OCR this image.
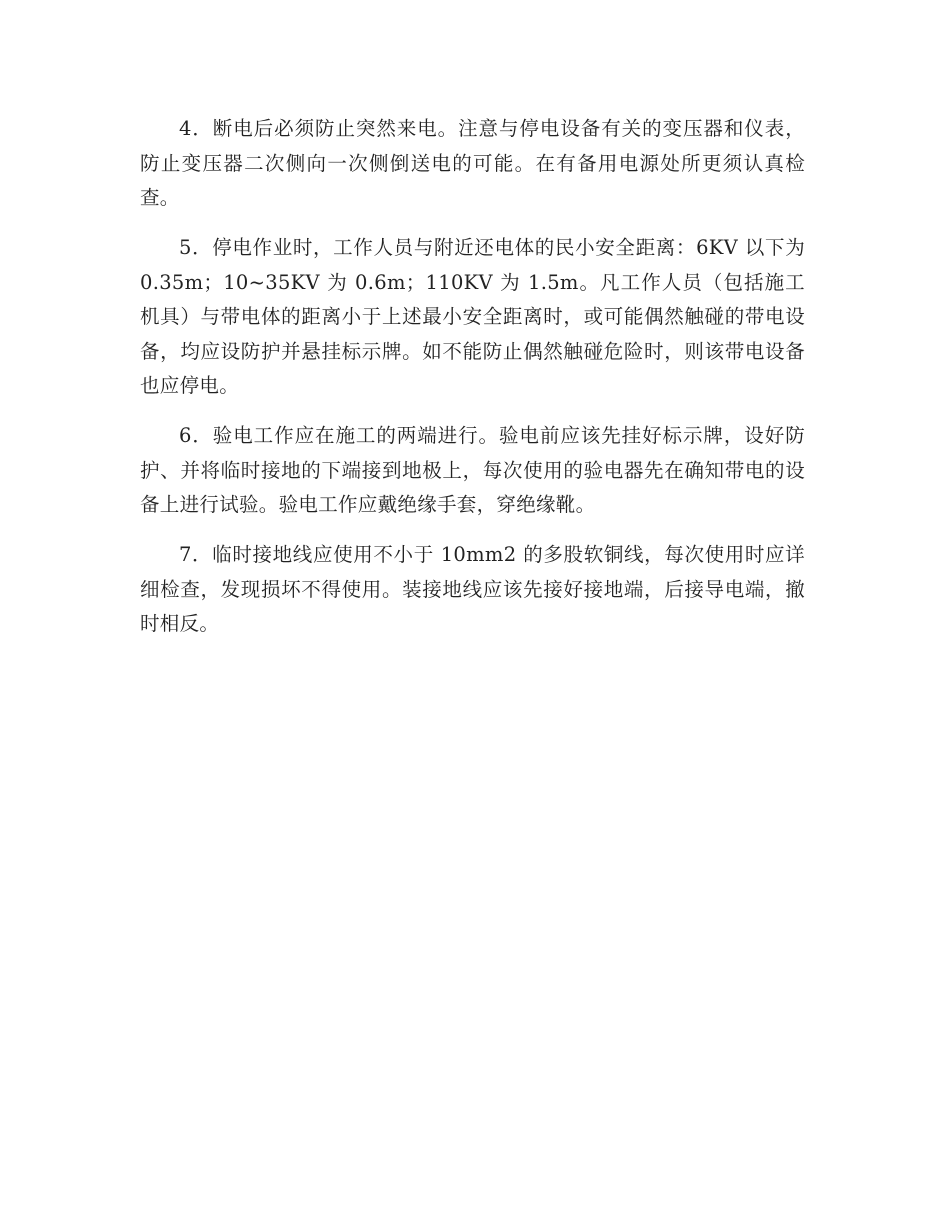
4．断电后必须防止突然来电。注意与停电设备有关的变压器和仪表，防止变压器二次侧向一次侧倒送电的可能。在有备用电源处所更须认真检查。

5．停电作业时，工作人员与附近还电体的民小安全距离：6KV 以下为 0.35m；10~35KV 为 0.6m；110KV 为 1.5m。凡工作人员（包括施工机具）与带电体的距离小于上述最小安全距离时，或可能偶然触碰的带电设备，均应设防护并悬挂标示牌。如不能防止偶然触碰危险时，则该带电设备也应停电。

6．验电工作应在施工的两端进行。验电前应该先挂好标示牌，设好防护、并将临时接地的下端接到地极上，每次使用的验电器先在确知带电的设备上进行试验。验电工作应戴绝缘手套，穿绝缘靴。

7．临时接地线应使用不小于 10mm2 的多股软铜线，每次使用时应详细检查，发现损坏不得使用。装接地线应该先接好接地端，后接导电端，撤时相反。
